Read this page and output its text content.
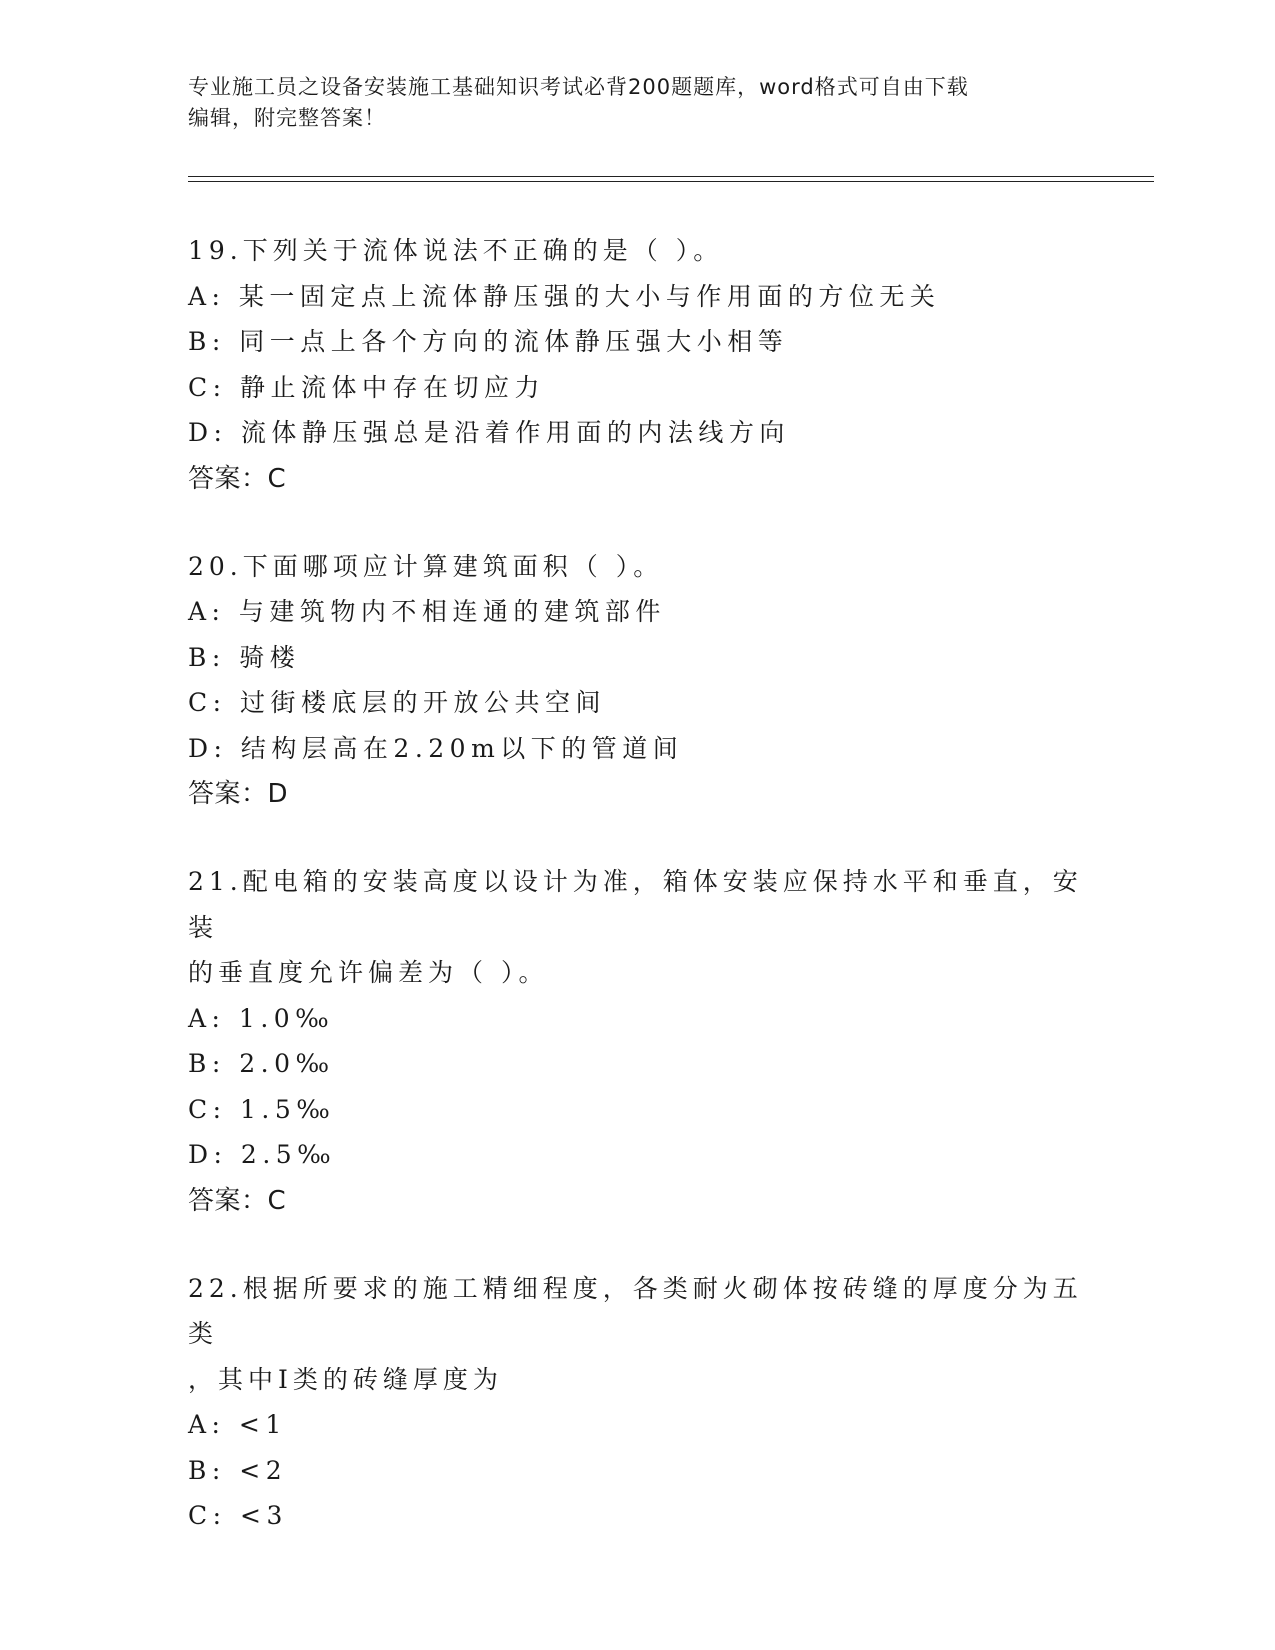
专业施工员之设备安装施工基础知识考试必背200题题库，word格式可自由下载
编辑，附完整答案！
19.下列关于流体说法不正确的是（ ）。
A: 某一固定点上流体静压强的大小与作用面的方位无关
B: 同一点上各个方向的流体静压强大小相等
C: 静止流体中存在切应力
D: 流体静压强总是沿着作用面的内法线方向
答案：C
20.下面哪项应计算建筑面积（ ）。
A: 与建筑物内不相连通的建筑部件
B: 骑楼
C: 过街楼底层的开放公共空间
D: 结构层高在2.20m以下的管道间
答案：D
21.配电箱的安装高度以设计为准，箱体安装应保持水平和垂直，安装
的垂直度允许偏差为（ ）。
A: 1.0‰
B: 2.0‰
C: 1.5‰
D: 2.5‰
答案：C
22.根据所要求的施工精细程度，各类耐火砌体按砖缝的厚度分为五类
，其中Ⅰ类的砖缝厚度为
A: <1
B: <2
C: <3
